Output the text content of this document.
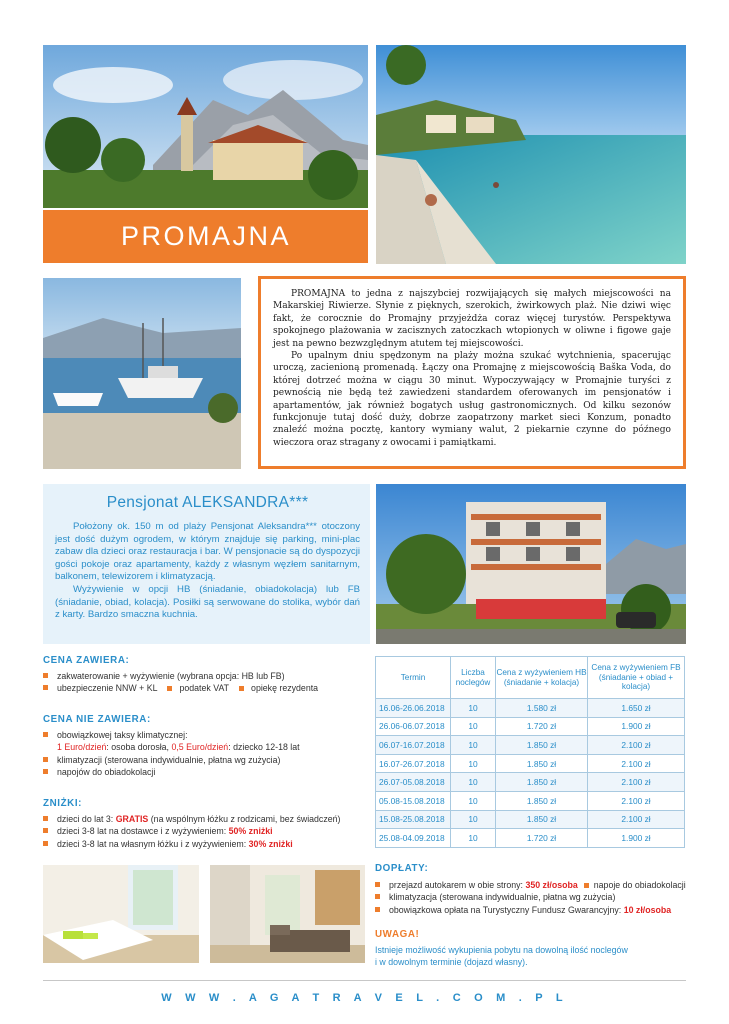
PROMAJNA

PROMAJNA to jedna z najszybciej rozwijających się małych miejscowości na Makarskiej Riwierze. Słynie z pięknych, szerokich, żwirkowych plaż. Nie dziwi więc fakt, że corocznie do Promajny przyjeżdża coraz więcej turystów. Perspektywa spokojnego plażowania w zacisznych zatoczkach wtopionych w oliwne i figowe gaje jest na pewno bezwzględnym atutem tej miejscowości.

Po upalnym dniu spędzonym na plaży można szukać wytchnienia, spacerując uroczą, zacienioną promenadą. Łączy ona Promajnę z miejscowością Baška Voda, do której dotrzeć można w ciągu 30 minut. Wypoczywający w Promajnie turyści z pewnością nie będą też zawiedzeni standardem oferowanych im pensjonatów i apartamentów, jak również bogatych usług gastronomicznych. Od kilku sezonów funkcjonuje tutaj dość duży, dobrze zaopatrzony market sieci Konzum, ponadto znaleźć można pocztę, kantory wymiany walut, 2 piekarnie czynne do późnego wieczora oraz stragany z owocami i pamiątkami.

Pensjonat ALEKSANDRA***

Położony ok. 150 m od plaży Pensjonat Aleksandra*** otoczony jest dość dużym ogrodem, w którym znajduje się parking, mini-plac zabaw dla dzieci oraz restauracja i bar. W pensjonacie są do dyspozycji gości pokoje oraz apartamenty, każdy z własnym węzłem sanitarnym, balkonem, telewizorem i klimatyzacją.

Wyżywienie w opcji HB (śniadanie, obiadokolacja) lub FB (śniadanie, obiad, kolacja). Posiłki są serwowane do stolika, wybór dań z karty. Bardzo smaczna kuchnia.

CENA ZAWIERA:
zakwaterowanie + wyżywienie (wybrana opcja: HB lub FB)
ubezpieczenie NNW + KL	podatek VAT	opiekę rezydenta
CENA NIE ZAWIERA:
obowiązkowej taksy klimatycznej:
1 Euro/dzień: osoba dorosła, 0,5 Euro/dzień: dziecko 12-18 lat
klimatyzacji (sterowana indywidualnie, płatna wg zużycia)
napojów do obiadokolacji
ZNIŻKI:
dzieci do lat 3: GRATIS (na wspólnym łóżku z rodzicami, bez świadczeń)
dzieci 3-8 lat na dostawce i z wyżywieniem: 50% zniżki
dzieci 3-8 lat na własnym łóżku i z wyżywieniem: 30% zniżki
Termin	Liczba noclegów	Cena z wyżywieniem HB (śniadanie + kolacja)	Cena z wyżywieniem FB (śniadanie + obiad + kolacja)
16.06-26.06.2018	10	1.580 zł	1.650 zł
26.06-06.07.2018	10	1.720 zł	1.900 zł
06.07-16.07.2018	10	1.850 zł	2.100 zł
16.07-26.07.2018	10	1.850 zł	2.100 zł
26.07-05.08.2018	10	1.850 zł	2.100 zł
05.08-15.08.2018	10	1.850 zł	2.100 zł
15.08-25.08.2018	10	1.850 zł	2.100 zł
25.08-04.09.2018	10	1.720 zł	1.900 zł
DOPŁATY:
przejazd autokarem w obie strony: 350 zł/osoba napoje do obiadokolacji
klimatyzacja (sterowana indywidualnie, płatna wg zużycia)
obowiązkowa opłata na Turystyczny Fundusz Gwarancyjny: 10 zł/osoba
UWAGA!
Istnieje możliwość wykupienia pobytu na dowolną ilość noclegów
i w dowolnym terminie (dojazd własny).
W W W . A G A T R A V E L . C O M . P L
